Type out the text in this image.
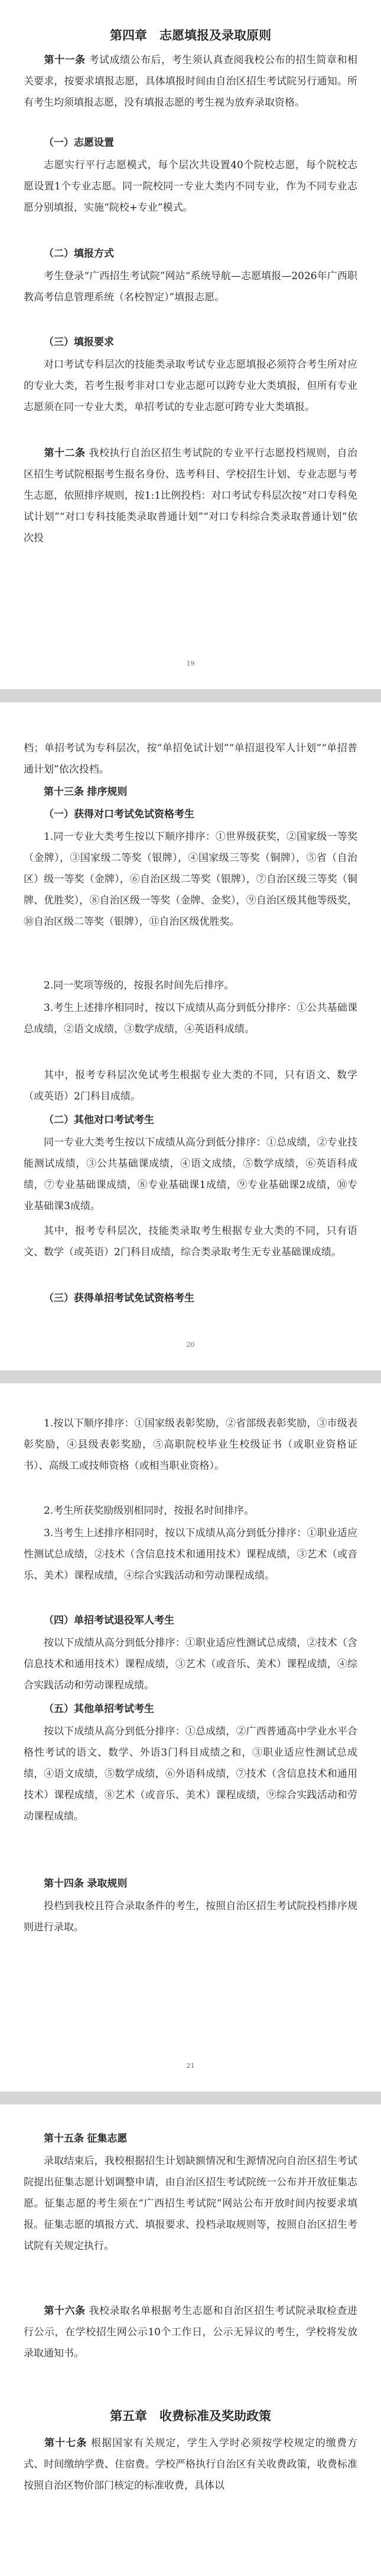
第四章　志愿填报及录取原则
第十一条 考试成绩公布后，考生须认真查阅我校公布的招生简章和相关要求，按要求填报志愿，具体填报时间由自治区招生考试院另行通知。所有考生均须填报志愿，没有填报志愿的考生视为放弃录取资格。
（一）志愿设置
志愿实行平行志愿模式，每个层次共设置40个院校志愿，每个院校志愿设置1个专业志愿。同一院校同一专业大类内不同专业，作为不同专业志愿分别填报，实施“院校+专业”模式。
（二）填报方式
考生登录“广西招生考试院”网站“系统导航—志愿填报—2026年广西职教高考信息管理系统（名校智定）”填报志愿。
（三）填报要求
对口考试专科层次的技能类录取考试专业志愿填报必须符合考生所对应的专业大类，若考生报考非对口专业志愿可以跨专业大类填报，但所有专业志愿须在同一专业大类，单招考试的专业志愿可跨专业大类填报。
第十二条 我校执行自治区招生考试院的专业平行志愿投档规则，自治区招生考试院根据考生报名身份、选考科目、学校招生计划、专业志愿与考生志愿，依照排序规则，按1:1比例投档：对口考试专科层次按“对口专科免试计划”“对口专科技能类录取普通计划”“对口专科综合类录取普通计划”依次投
19
档；单招考试为专科层次，按“单招免试计划”“单招退役军人计划”“单招普通计划”依次投档。
第十三条 排序规则
（一）获得对口考试免试资格考生
1.同一专业大类考生按以下顺序排序：①世界级获奖，②国家级一等奖（金牌），③国家级二等奖（银牌），④国家级三等奖（铜牌），⑤省（自治区）级一等奖（金牌），⑥自治区级二等奖（银牌），⑦自治区级三等奖（铜牌、优胜奖），⑧自治区级一等奖（金牌、金奖），⑨自治区级其他等级奖，⑩自治区级二等奖（银牌），⑪自治区级优胜奖。
2.同一奖项等级的，按报名时间先后排序。
3.考生上述排序相同时，按以下成绩从高分到低分排序：①公共基础课总成绩，②语文成绩，③数学成绩，④英语科成绩。
其中，报考专科层次免试考生根据专业大类的不同，只有语文、数学（或英语）2门科目成绩。
（二）其他对口考试考生
同一专业大类考生按以下成绩从高分到低分排序：①总成绩，②专业技能测试成绩，③公共基础课成绩，④语文成绩，⑤数学成绩，⑥英语科成绩，⑦专业基础课成绩，⑧专业基础课1成绩，⑨专业基础课2成绩，⑩专业基础课3成绩。
其中，报考专科层次，技能类录取考生根据专业大类的不同，只有语文、数学（或英语）2门科目成绩，综合类录取考生无专业基础课成绩。
（三）获得单招考试免试资格考生
20
1.按以下顺序排序：①国家级表彰奖励，②省部级表彰奖励，③市级表彰奖励，④县级表彰奖励，⑤高职院校毕业生校级证书（或职业资格证书）、高级工或技师资格（或相当职业资格）。
2.考生所获奖励级别相同时，按报名时间排序。
3.当考生上述排序相同时，按以下成绩从高分到低分排序：①职业适应性测试总成绩，②技术（含信息技术和通用技术）课程成绩，③艺术（或音乐、美术）课程成绩，④综合实践活动和劳动课程成绩。
（四）单招考试退役军人考生
按以下成绩从高分到低分排序：①职业适应性测试总成绩，②技术（含信息技术和通用技术）课程成绩，③艺术（或音乐、美术）课程成绩，④综合实践活动和劳动课程成绩。
（五）其他单招考试考生
按以下成绩从高分到低分排序：①总成绩，②广西普通高中学业水平合格性考试的语文、数学、外语3门科目成绩之和，③职业适应性测试总成绩，④语文成绩，⑤数学成绩，⑥外语科成绩，⑦技术（含信息技术和通用技术）课程成绩，⑧艺术（或音乐、美术）课程成绩，⑨综合实践活动和劳动课程成绩。
第十四条 录取规则
投档到我校且符合录取条件的考生，按照自治区招生考试院投档排序规则进行录取。
21
第十五条 征集志愿
录取结束后，我校根据招生计划缺额情况和生源情况向自治区招生考试院提出征集志愿计划调整申请，由自治区招生考试院统一公布并开放征集志愿。征集志愿的考生须在“广西招生考试院”网站公布开放时间内按要求填报。征集志愿的填报方式、填报要求、投档录取规则等，按照自治区招生考试院有关规定执行。
第十六条 我校录取名单根据考生志愿和自治区招生考试院录取检查进行公示，在学校招生网公示10个工作日，公示无异议的考生，学校将发放录取通知书。
第五章　收费标准及奖助政策
第十七条 根据国家有关规定，学生入学时必须按学校规定的缴费方式、时间缴纳学费、住宿费。学校严格执行自治区有关收费政策，收费标准按照自治区物价部门核定的标准收费，具体以
